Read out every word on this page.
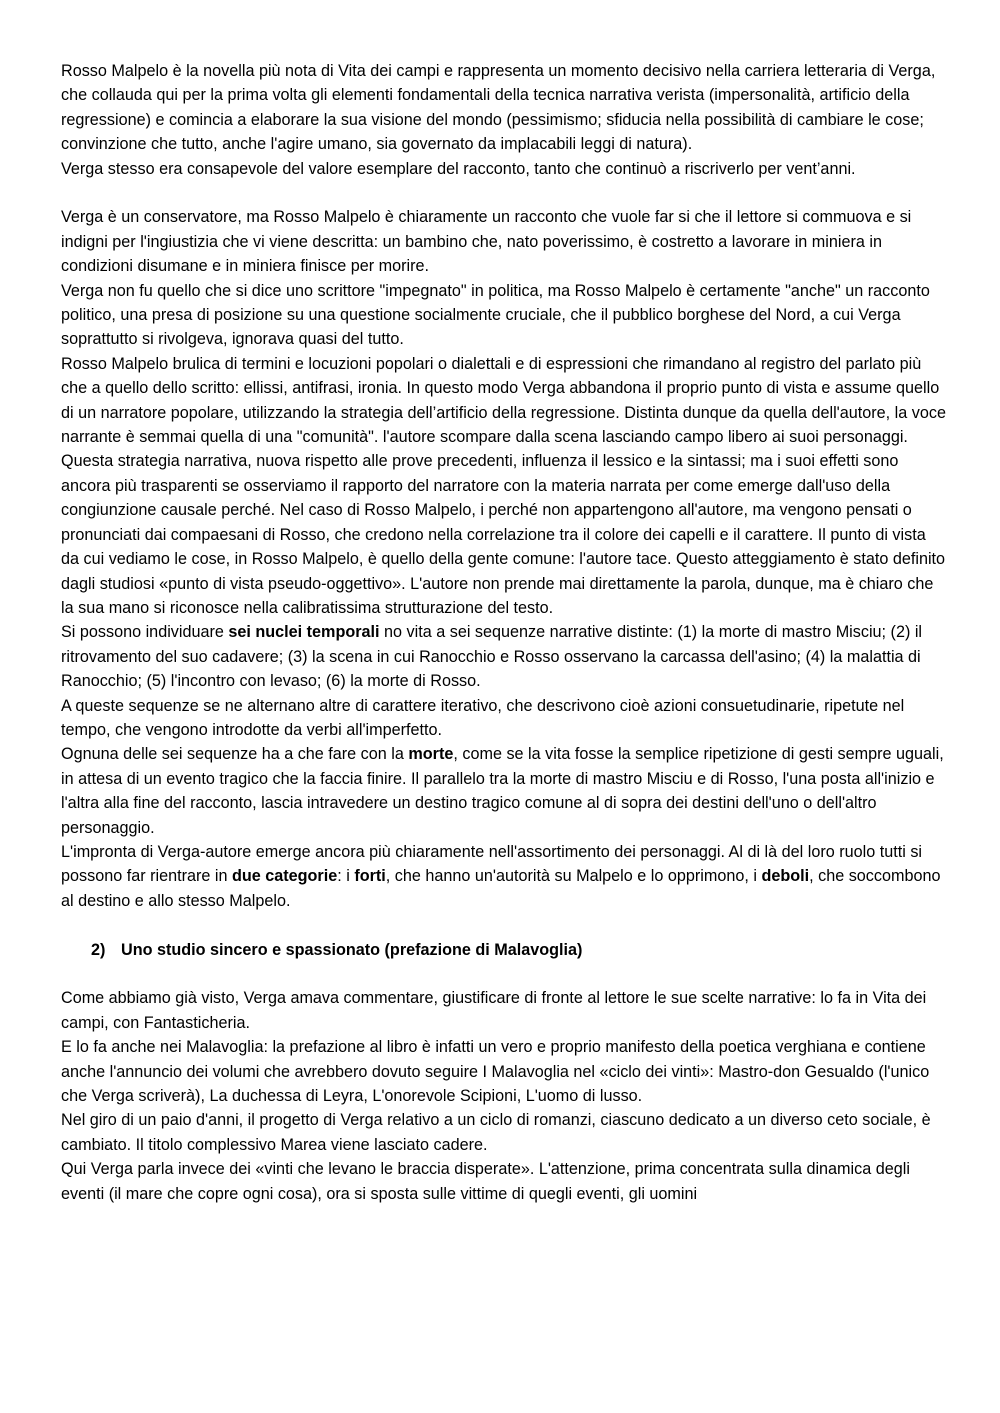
Rosso Malpelo è la novella più nota di Vita dei campi e rappresenta un momento decisivo nella carriera letteraria di Verga, che collauda qui per la prima volta gli elementi fondamentali della tecnica narrativa verista (impersonalità, artificio della regressione) e comincia a elaborare la sua visione del mondo (pessimismo; sfiducia nella possibilità di cambiare le cose; convinzione che tutto, anche l'agire umano, sia governato da implacabili leggi di natura).

Verga stesso era consapevole del valore esemplare del racconto, tanto che continuò a riscriverlo per vent’anni.

Verga è un conservatore, ma Rosso Malpelo è chiaramente un racconto che vuole far si che il lettore si commuova e si indigni per l'ingiustizia che vi viene descritta: un bambino che, nato poverissimo, è costretto a lavorare in miniera in condizioni disumane e in miniera finisce per morire.

Verga non fu quello che si dice uno scrittore "impegnato" in politica, ma Rosso Malpelo è certamente "anche" un racconto politico, una presa di posizione su una questione socialmente cruciale, che il pubblico borghese del Nord, a cui Verga soprattutto si rivolgeva, ignorava quasi del tutto.

Rosso Malpelo brulica di termini e locuzioni popolari o dialettali e di espressioni che rimandano al registro del parlato più che a quello dello scritto: ellissi, antifrasi, ironia. In questo modo Verga abbandona il proprio punto di vista e assume quello di un narratore popolare, utilizzando la strategia dell’artificio della regressione. Distinta dunque da quella dell'autore, la voce narrante è semmai quella di una "comunità". l'autore scompare dalla scena lasciando campo libero ai suoi personaggi.

Questa strategia narrativa, nuova rispetto alle prove precedenti, influenza il lessico e la sintassi; ma i suoi effetti sono ancora più trasparenti se osserviamo il rapporto del narratore con la materia narrata per come emerge dall'uso della congiunzione causale perché. Nel caso di Rosso Malpelo, i perché non appartengono all'autore, ma vengono pensati o pronunciati dai compaesani di Rosso, che credono nella correlazione tra il colore dei capelli e il carattere. Il punto di vista da cui vediamo le cose, in Rosso Malpelo, è quello della gente comune: l'autore tace. Questo atteggiamento è stato definito dagli studiosi «punto di vista pseudo-oggettivo». L'autore non prende mai direttamente la parola, dunque, ma è chiaro che la sua mano si riconosce nella calibratissima strutturazione del testo.

Si possono individuare sei nuclei temporali no vita a sei sequenze narrative distinte: (1) la morte di mastro Misciu; (2) il ritrovamento del suo cadavere; (3) la scena in cui Ranocchio e Rosso osservano la carcassa dell'asino; (4) la malattia di Ranocchio; (5) l'incontro con levaso; (6) la morte di Rosso.

A queste sequenze se ne alternano altre di carattere iterativo, che descrivono cioè azioni consuetudinarie, ripetute nel tempo, che vengono introdotte da verbi all'imperfetto.

Ognuna delle sei sequenze ha a che fare con la morte, come se la vita fosse la semplice ripetizione di gesti sempre uguali, in attesa di un evento tragico che la faccia finire. Il parallelo tra la morte di mastro Misciu e di Rosso, l'una posta all'inizio e l'altra alla fine del racconto, lascia intravedere un destino tragico comune al di sopra dei destini dell'uno o dell'altro personaggio.

L'impronta di Verga-autore emerge ancora più chiaramente nell'assortimento dei personaggi. Al di là del loro ruolo tutti si possono far rientrare in due categorie: i forti, che hanno un'autorità su Malpelo e lo opprimono, i deboli, che soccombono al destino e allo stesso Malpelo.

2) Uno studio sincero e spassionato (prefazione di Malavoglia)

Come abbiamo già visto, Verga amava commentare, giustificare di fronte al lettore le sue scelte narrative: lo fa in Vita dei campi, con Fantasticheria.

E lo fa anche nei Malavoglia: la prefazione al libro è infatti un vero e proprio manifesto della poetica verghiana e contiene anche l'annuncio dei volumi che avrebbero dovuto seguire I Malavoglia nel «ciclo dei vinti»: Mastro-don Gesualdo (l'unico che Verga scriverà), La duchessa di Leyra, L'onorevole Scipioni, L'uomo di lusso.

Nel giro di un paio d'anni, il progetto di Verga relativo a un ciclo di romanzi, ciascuno dedicato a un diverso ceto sociale, è cambiato. Il titolo complessivo Marea viene lasciato cadere.

Qui Verga parla invece dei «vinti che levano le braccia disperate». L'attenzione, prima concentrata sulla dinamica degli eventi (il mare che copre ogni cosa), ora si sposta sulle vittime di quegli eventi, gli uomini
